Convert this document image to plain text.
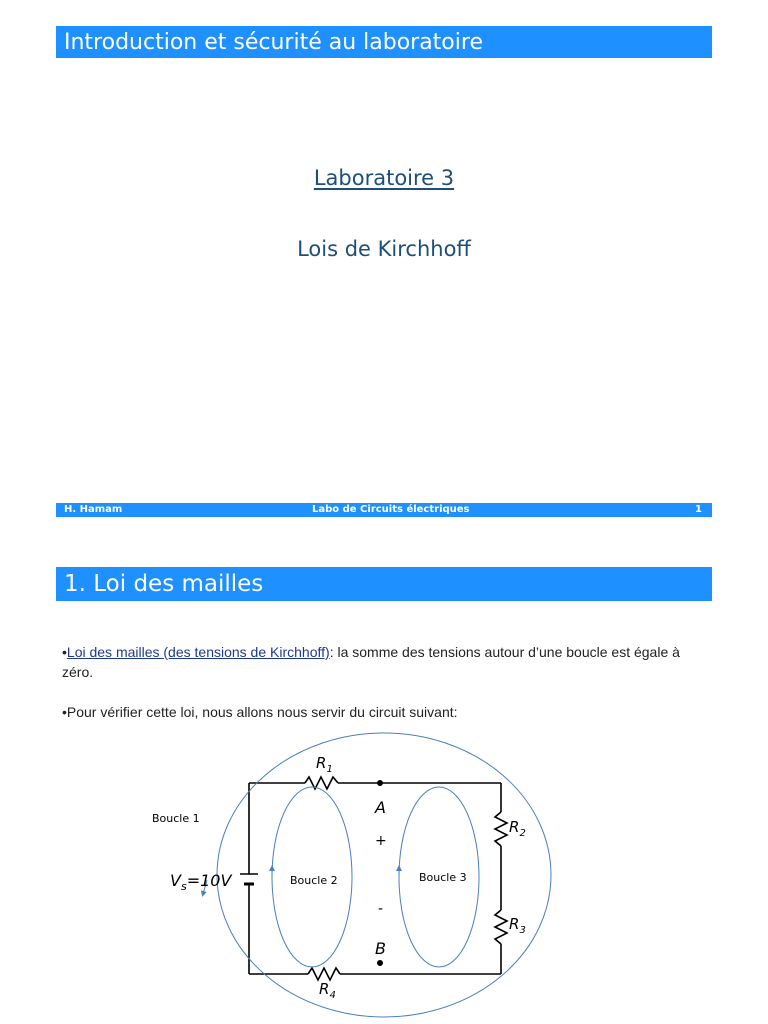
Introduction et sécurité au laboratoire
Laboratoire 3
Lois de Kirchhoff
H. Hamam	Labo de Circuits électriques	1
1. Loi des mailles
•Loi des mailles (des tensions de Kirchhoff): la somme des tensions autour d’une boucle est égale à zéro.
•Pour vérifier cette loi, nous allons nous servir du circuit suivant:
Boucle 1
Boucle 2	Boucle 3
$V_s=10V$
$R_1$
$R_2$
$R_3$
$R_4$
A
+
-
B
